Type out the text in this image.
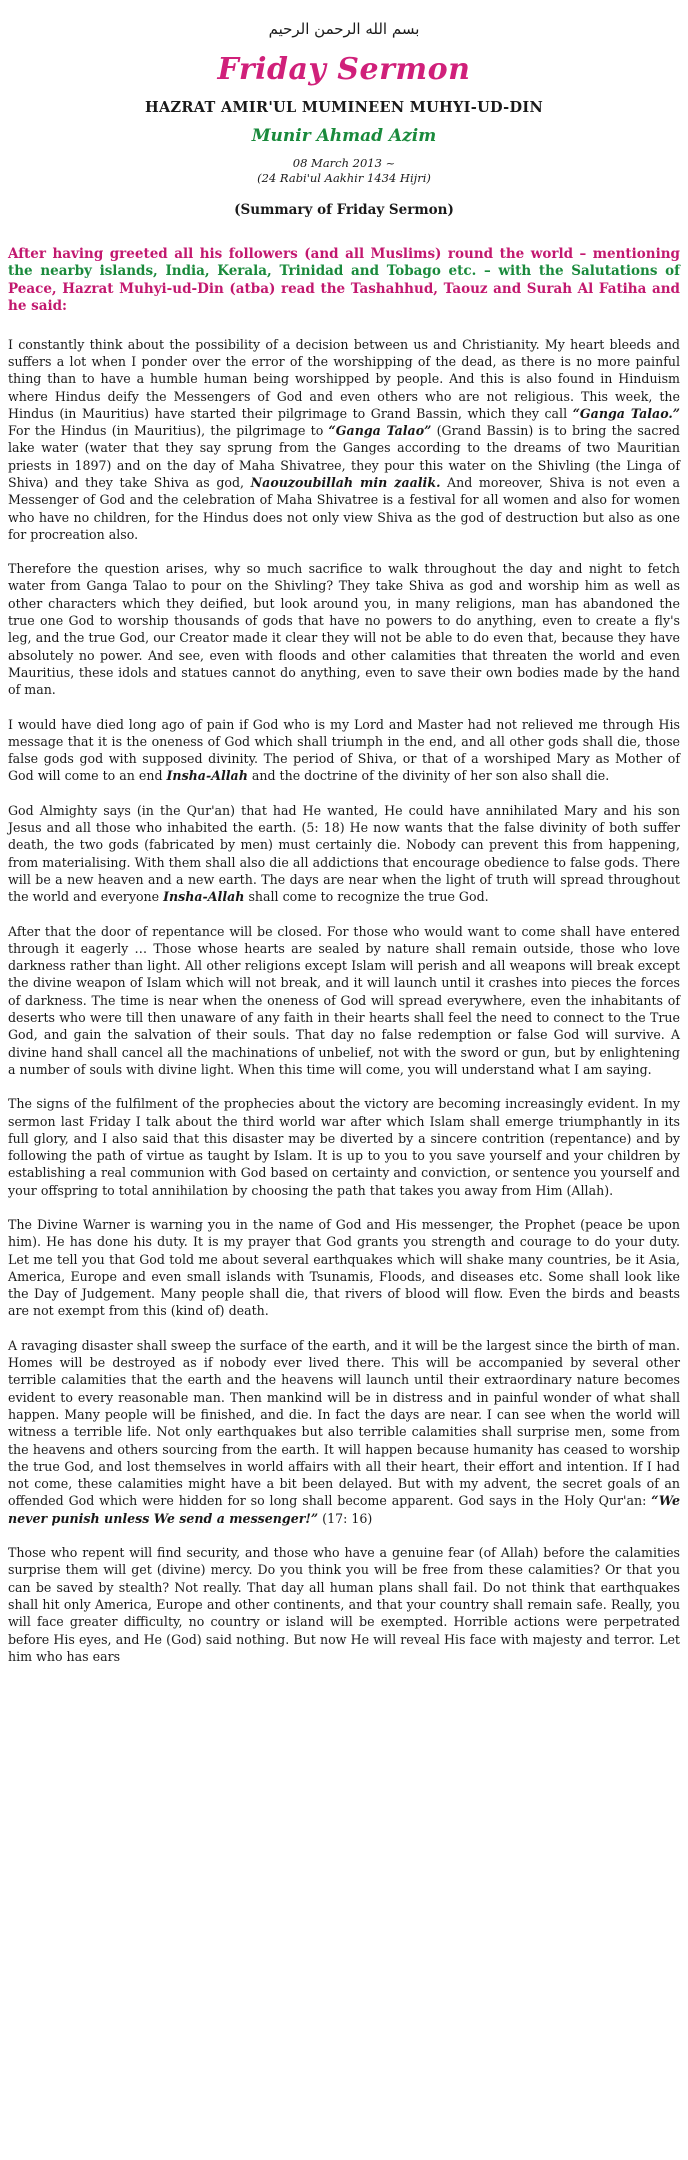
بسم الله الرحمن الرحيم
Friday Sermon
HAZRAT AMIR'UL MUMINEEN MUHYI-UD-DIN
Munir Ahmad Azim
08 March 2013 ~
(24 Rabi'ul Aakhir 1434 Hijri)
(Summary of Friday Sermon)

After having greeted all his followers (and all Muslims) round the world – mentioning the nearby islands, India, Kerala, Trinidad and Tobago etc. – with the Salutations of Peace, Hazrat Muhyi-ud-Din (atba) read the Tashahhud, Taouz and Surah Al Fatiha and he said:

I constantly think about the possibility of a decision between us and Christianity. My heart bleeds and suffers a lot when I ponder over the error of the worshipping of the dead, as there is no more painful thing than to have a humble human being worshipped by people. And this is also found in Hinduism where Hindus deify the Messengers of God and even others who are not religious. This week, the Hindus (in Mauritius) have started their pilgrimage to Grand Bassin, which they call “Ganga Talao.” For the Hindus (in Mauritius), the pilgrimage to “Ganga Talao” (Grand Bassin) is to bring the sacred lake water (water that they say sprung from the Ganges according to the dreams of two Mauritian priests in 1897) and on the day of Maha Shivatree, they pour this water on the Shivling (the Linga of Shiva) and they take Shiva as god, Naouzoubillah min zaalik. And moreover, Shiva is not even a Messenger of God and the celebration of Maha Shivatree is a festival for all women and also for women who have no children, for the Hindus does not only view Shiva as the god of destruction but also as one for procreation also.

Therefore the question arises, why so much sacrifice to walk throughout the day and night to fetch water from Ganga Talao to pour on the Shivling? They take Shiva as god and worship him as well as other characters which they deified, but look around you, in many religions, man has abandoned the true one God to worship thousands of gods that have no powers to do anything, even to create a fly's leg, and the true God, our Creator made it clear they will not be able to do even that, because they have absolutely no power. And see, even with floods and other calamities that threaten the world and even Mauritius, these idols and statues cannot do anything, even to save their own bodies made by the hand of man.

I would have died long ago of pain if God who is my Lord and Master had not relieved me through His message that it is the oneness of God which shall triumph in the end, and all other gods shall die, those false gods god with supposed divinity. The period of Shiva, or that of a worshiped Mary as Mother of God will come to an end Insha-Allah and the doctrine of the divinity of her son also shall die.

God Almighty says (in the Qur'an) that had He wanted, He could have annihilated Mary and his son Jesus and all those who inhabited the earth. (5: 18) He now wants that the false divinity of both suffer death, the two gods (fabricated by men) must certainly die. Nobody can prevent this from happening, from materialising. With them shall also die all addictions that encourage obedience to false gods. There will be a new heaven and a new earth. The days are near when the light of truth will spread throughout the world and everyone Insha-Allah shall come to recognize the true God.

After that the door of repentance will be closed. For those who would want to come shall have entered through it eagerly … Those whose hearts are sealed by nature shall remain outside, those who love darkness rather than light. All other religions except Islam will perish and all weapons will break except the divine weapon of Islam which will not break, and it will launch until it crashes into pieces the forces of darkness. The time is near when the oneness of God will spread everywhere, even the inhabitants of deserts who were till then unaware of any faith in their hearts shall feel the need to connect to the True God, and gain the salvation of their souls. That day no false redemption or false God will survive. A divine hand shall cancel all the machinations of unbelief, not with the sword or gun, but by enlightening a number of souls with divine light. When this time will come, you will understand what I am saying.

The signs of the fulfilment of the prophecies about the victory are becoming increasingly evident. In my sermon last Friday I talk about the third world war after which Islam shall emerge triumphantly in its full glory, and I also said that this disaster may be diverted by a sincere contrition (repentance) and by following the path of virtue as taught by Islam. It is up to you to you save yourself and your children by establishing a real communion with God based on certainty and conviction, or sentence you yourself and your offspring to total annihilation by choosing the path that takes you away from Him (Allah).

The Divine Warner is warning you in the name of God and His messenger, the Prophet (peace be upon him). He has done his duty. It is my prayer that God grants you strength and courage to do your duty. Let me tell you that God told me about several earthquakes which will shake many countries, be it Asia, America, Europe and even small islands with Tsunamis, Floods, and diseases etc. Some shall look like the Day of Judgement. Many people shall die, that rivers of blood will flow. Even the birds and beasts are not exempt from this (kind of) death.

A ravaging disaster shall sweep the surface of the earth, and it will be the largest since the birth of man. Homes will be destroyed as if nobody ever lived there. This will be accompanied by several other terrible calamities that the earth and the heavens will launch until their extraordinary nature becomes evident to every reasonable man. Then mankind will be in distress and in painful wonder of what shall happen. Many people will be finished, and die. In fact the days are near. I can see when the world will witness a terrible life. Not only earthquakes but also terrible calamities shall surprise men, some from the heavens and others sourcing from the earth. It will happen because humanity has ceased to worship the true God, and lost themselves in world affairs with all their heart, their effort and intention. If I had not come, these calamities might have a bit been delayed. But with my advent, the secret goals of an offended God which were hidden for so long shall become apparent. God says in the Holy Qur'an: “We never punish unless We send a messenger!” (17: 16)

Those who repent will find security, and those who have a genuine fear (of Allah) before the calamities surprise them will get (divine) mercy. Do you think you will be free from these calamities? Or that you can be saved by stealth? Not really. That day all human plans shall fail. Do not think that earthquakes shall hit only America, Europe and other continents, and that your country shall remain safe. Really, you will face greater difficulty, no country or island will be exempted. Horrible actions were perpetrated before His eyes, and He (God) said nothing. But now He will reveal His face with majesty and terror. Let him who has ears
